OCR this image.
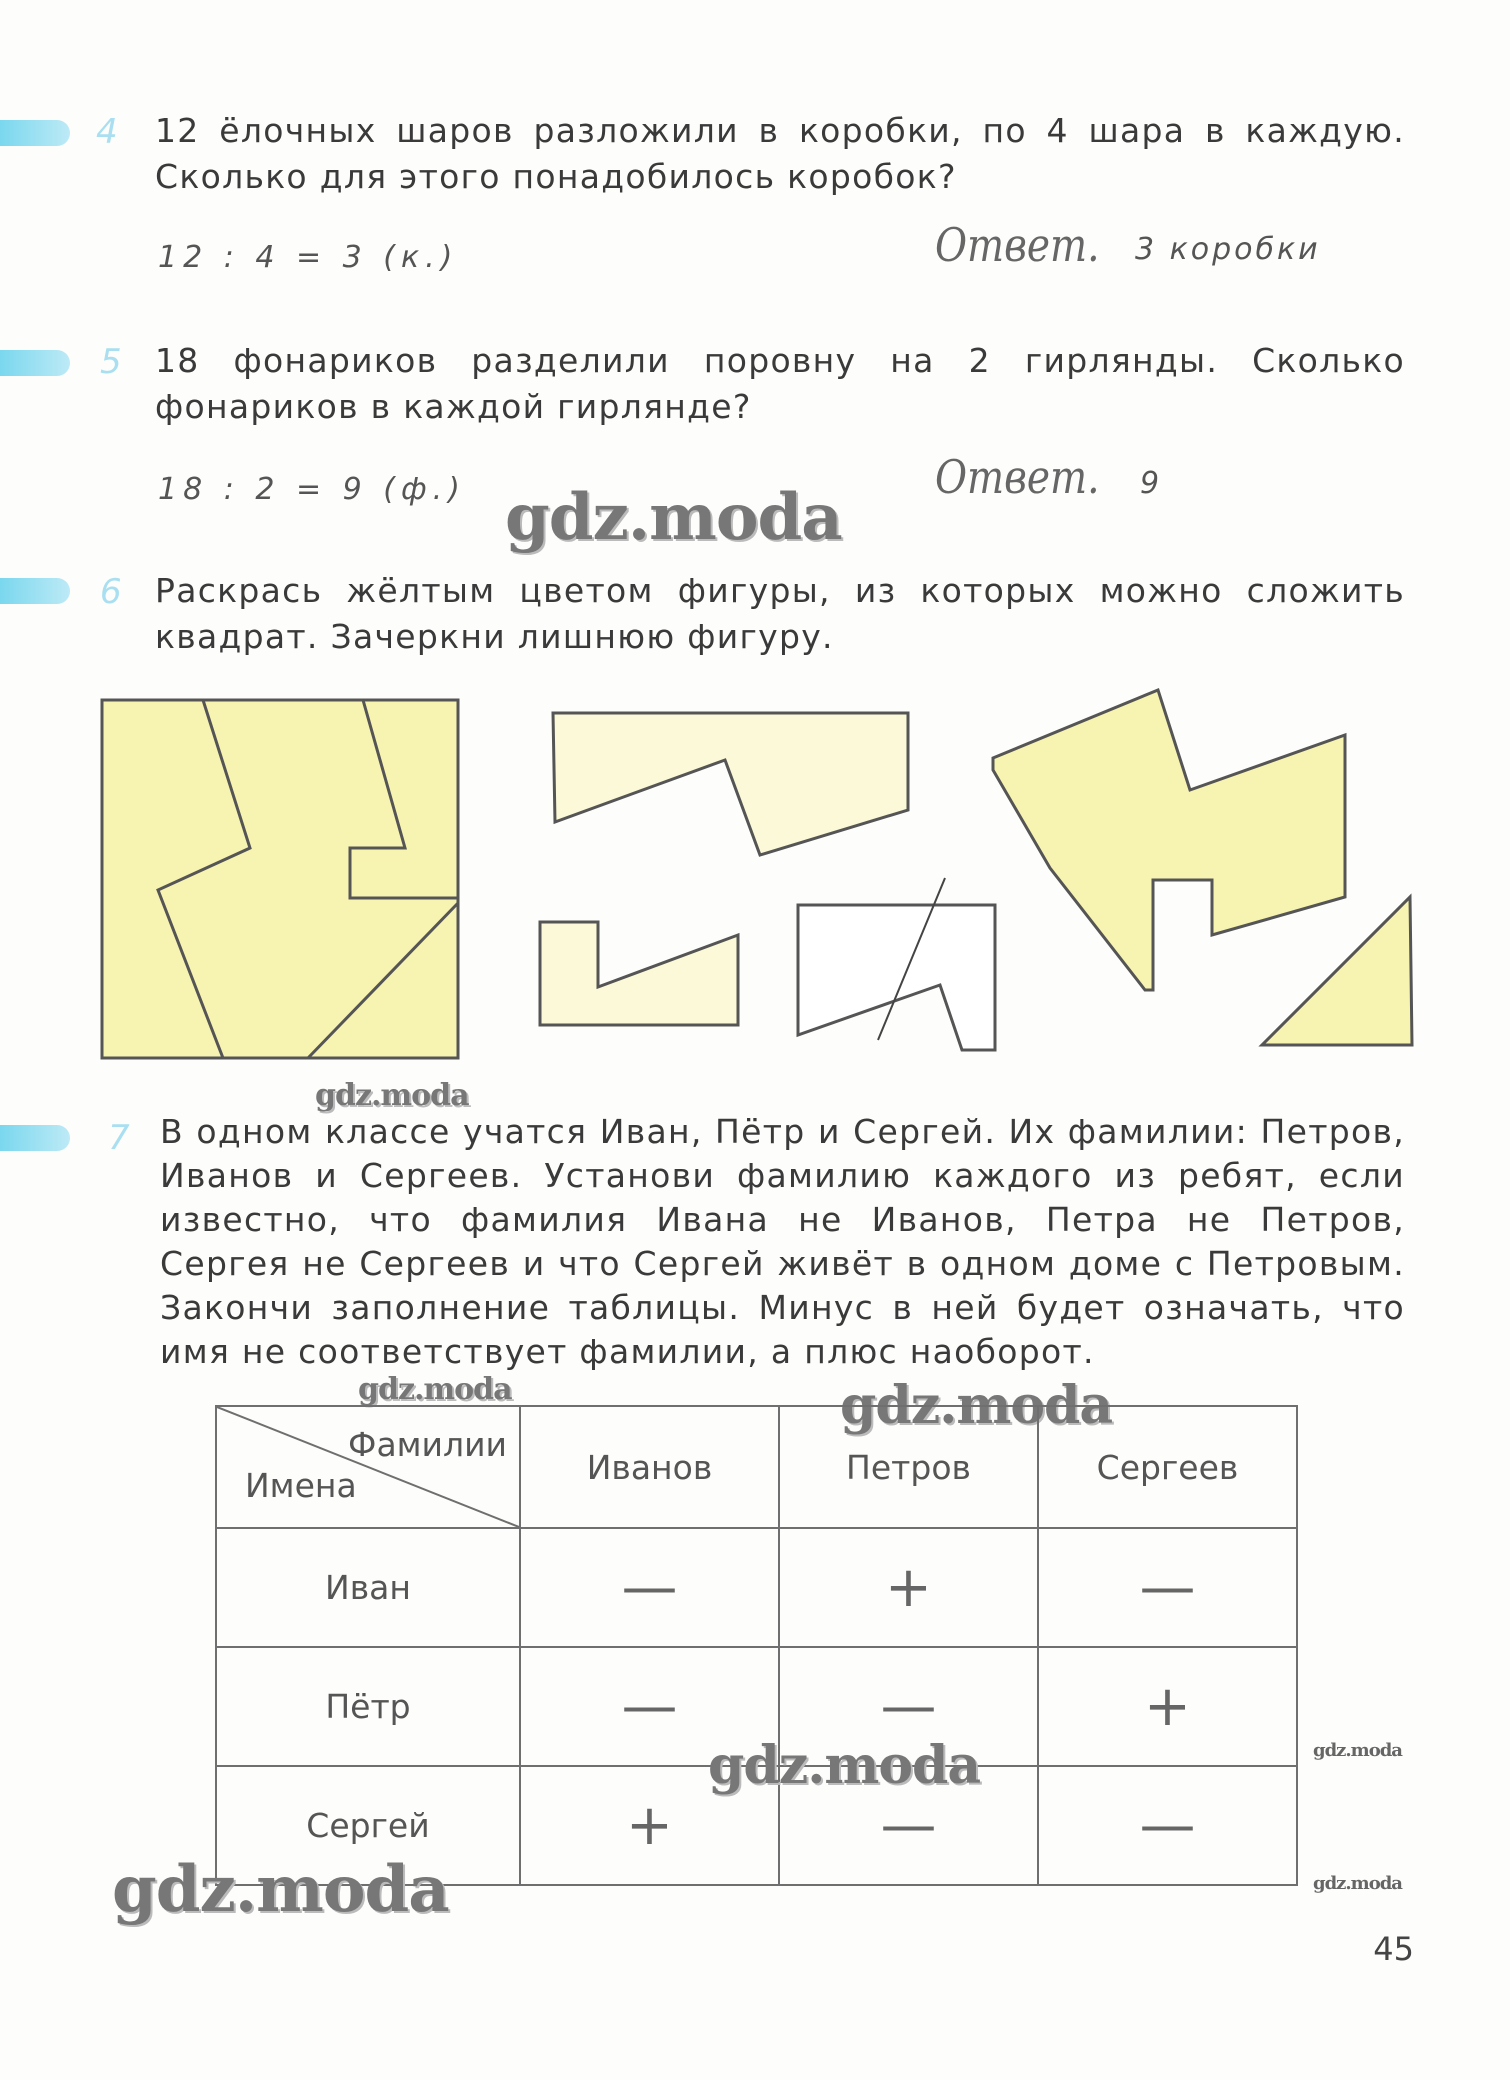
4 12 ёлочных шаров разложили в коробки, по 4 шара в каждую. Сколько для этого понадобилось коробок?
12 : 4 = 3 (к.)	Ответ. 3 коробки
5 18 фонариков разделили поровну на 2 гирлянды. Сколько фонариков в каждой гирлянде?
18 : 2 = 9 (ф.)	Ответ. 9
gdz.moda
6 Раскрась жёлтым цветом фигуры, из которых можно сложить квадрат. Зачеркни лишнюю фигуру.
gdz.moda
7 В одном классе учатся Иван, Пётр и Сергей. Их фамилии: Петров, Иванов и Сергеев. Установи фамилию каждого из ребят, если известно, что фамилия Ивана не Иванов, Петра не Петров, Сергея не Сергеев и что Сергей живёт в одном доме с Петровым. Закончи заполнение таблицы. Минус в ней будет означать, что имя не соответствует фамилии, а плюс наоборот.
gdz.moda	gdz.moda
Фамилии
Имена	Иванов	Петров	Сергеев
Иван	—	+	—
Пётр	—	—	+
Сергей	+	—	—
gdz.moda
gdz.moda
gdz.moda
gdz.moda
45
